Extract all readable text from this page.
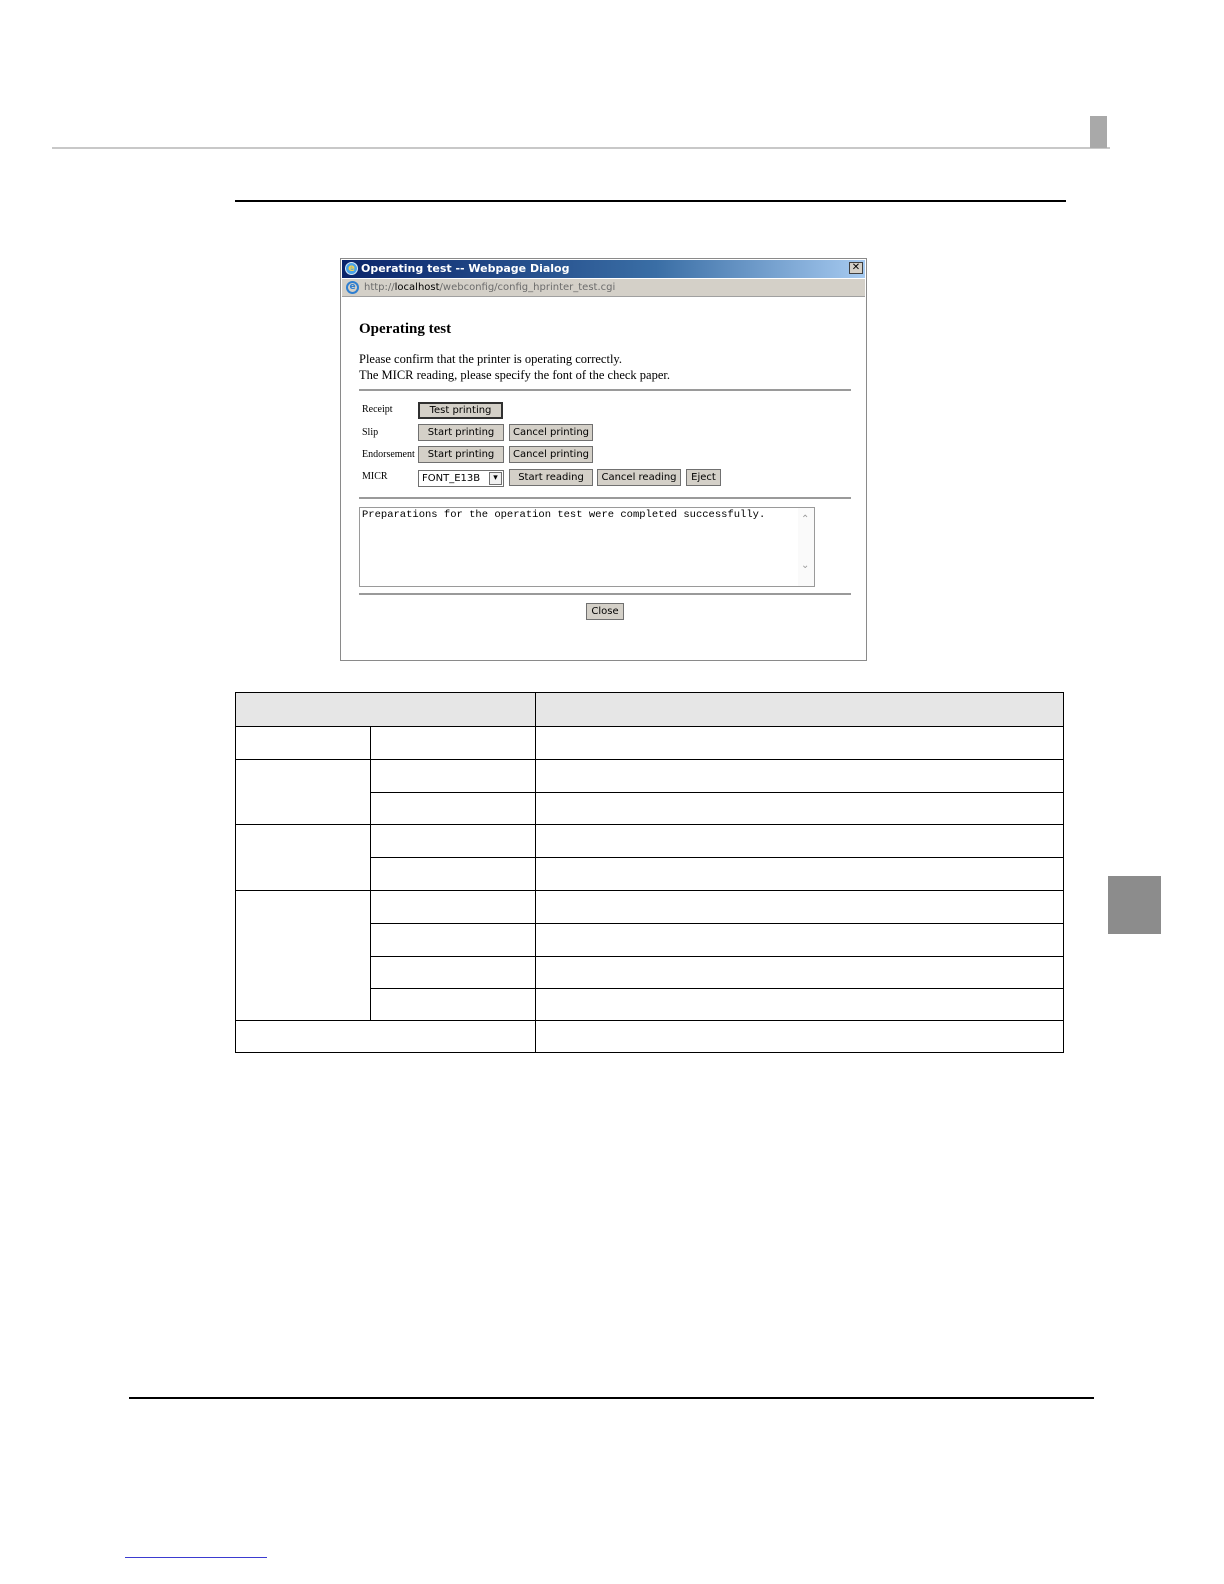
e Operating test -- Webpage Dialog	✕
e http://localhost/webconfig/config_hprinter_test.cgi
Operating test
Please confirm that the printer is operating correctly.
The MICR reading, please specify the font of the check paper.
Receipt	Test printing
Slip	Start printing	Cancel printing
Endorsement	Start printing	Cancel printing
MICR	FONT_E13B	▾	Start reading	Cancel reading	Eject
Preparations for the operation test were completed successfully.	⌃
⌄
Close
